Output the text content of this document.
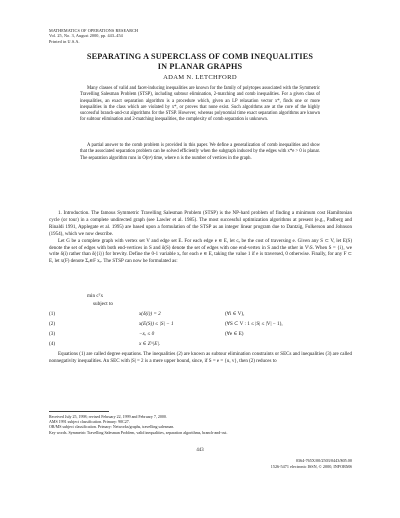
MATHEMATICS OF OPERATIONS RESEARCH
Vol. 25, No. 3, August 2000, pp. 443–454
Printed in U.S.A.
SEPARATING A SUPERCLASS OF COMB INEQUALITIES
IN PLANAR GRAPHS
ADAM N. LETCHFORD

Many classes of valid and facet-inducing inequalities are known for the family of polytopes associated with the Symmetric Travelling Salesman Problem (STSP), including subtour elimination, 2-matching and comb inequalities. For a given class of inequalities, an exact separation algorithm is a procedure which, given an LP relaxation vector x*, finds one or more inequalities in the class which are violated by x*, or proves that none exist. Such algorithms are at the core of the highly successful branch-and-cut algorithms for the STSP. However, whereas polynomial time exact separation algorithms are known for subtour elimination and 2-matching inequalities, the complexity of comb separation is unknown.

A partial answer to the comb problem is provided in this paper. We define a generalization of comb inequalities and show that the associated separation problem can be solved efficiently when the subgraph induced by the edges with x*e > 0 is planar. The separation algorithm runs in O(n³) time, where n is the number of vertices in the graph.

1. Introduction. The famous Symmetric Travelling Salesman Problem (STSP) is the NP-hard problem of finding a minimum cost Hamiltonian cycle (or tour) in a complete undirected graph (see Lawler et al. 1985). The most successful optimization algorithms at present (e.g., Padberg and Rinaldi 1991, Applegate et al. 1995) are based upon a formulation of the STSP as an integer linear program due to Dantzig, Fulkerson and Johnson (1954), which we now describe.

Let G be a complete graph with vertex set V and edge set E. For each edge e ∈ E, let cₑ be the cost of traversing e. Given any S ⊂ V, let E(S) denote the set of edges with both end-vertices in S and δ(S) denote the set of edges with one end-vertex in S and the other in V\S. When S = {i}, we write δ(i) rather than δ({i}) for brevity. Define the 0-1 variable xₑ for each e ∈ E, taking the value 1 if e is traversed, 0 otherwise. Finally, for any F ⊂ E, let x(F) denote Σₑ∈F xₑ. The STSP can now be formulated as:

min cᵀx
subject to
(1)	x(δ(i)) = 2	(∀i ∈ V),
(2)	x(E(S)) ≤ |S| − 1	(∀S ⊂ V : 1 ≤ |S| ≤ |V| − 1),
(3)	−xₑ ≤ 0	(∀e ∈ E)
(4)	x ∈ Z^|E|.

Equations (1) are called degree equations. The inequalities (2) are known as subtour elimination constraints or SECs and inequalities (3) are called nonnegativity inequalities. An SEC with |S| = 2 is a mere upper bound, since, if S = e = {u, v}, then (2) reduces to

Received July 25, 1998; revised February 22, 1999 and February 7, 2000.
AMS 1991 subject classification. Primary: 90C27.
OR/MS subject classification. Primary: Networks/graphs, travelling salesman.
Key words. Symmetric Travelling Salesman Problem, valid inequalities, separation algorithms, branch-and-cut.
443
0364-765X/00/2503/0443/$05.00
1526-5471 electronic ISSN, © 2000, INFORMS
